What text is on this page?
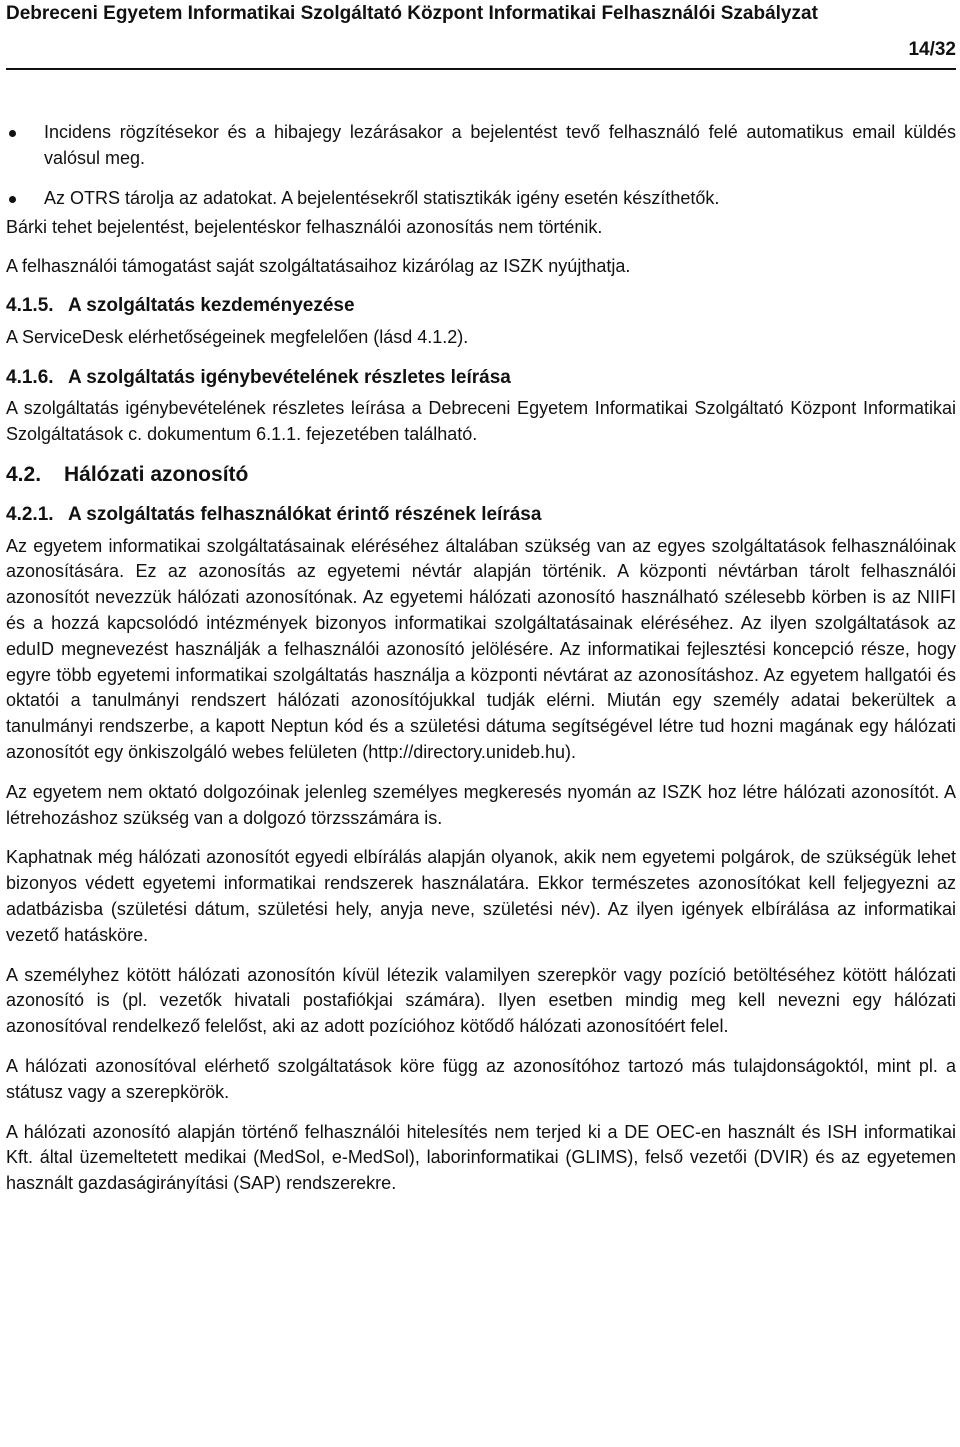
Debreceni Egyetem Informatikai Szolgáltató Központ Informatikai Felhasználói Szabályzat
14/32
Incidens rögzítésekor és a hibajegy lezárásakor a bejelentést tevő felhasználó felé automatikus email küldés valósul meg.
Az OTRS tárolja az adatokat. A bejelentésekről statisztikák igény esetén készíthetők.

Bárki tehet bejelentést, bejelentéskor felhasználói azonosítás nem történik.

A felhasználói támogatást saját szolgáltatásaihoz kizárólag az ISZK nyújthatja.

4.1.5. A szolgáltatás kezdeményezése

A ServiceDesk elérhetőségeinek megfelelően (lásd 4.1.2).

4.1.6. A szolgáltatás igénybevételének részletes leírása

A szolgáltatás igénybevételének részletes leírása a Debreceni Egyetem Informatikai Szolgáltató Központ Informatikai Szolgáltatások c. dokumentum 6.1.1. fejezetében található.

4.2. Hálózati azonosító
4.2.1. A szolgáltatás felhasználókat érintő részének leírása

Az egyetem informatikai szolgáltatásainak eléréséhez általában szükség van az egyes szolgáltatások felhasználóinak azonosítására. Ez az azonosítás az egyetemi névtár alapján történik. A központi névtárban tárolt felhasználói azonosítót nevezzük hálózati azonosítónak. Az egyetemi hálózati azonosító használható szélesebb körben is az NIIFI és a hozzá kapcsolódó intézmények bizonyos informatikai szolgáltatásainak eléréséhez. Az ilyen szolgáltatások az eduID megnevezést használják a felhasználói azonosító jelölésére. Az informatikai fejlesztési koncepció része, hogy egyre több egyetemi informatikai szolgáltatás használja a központi névtárat az azonosításhoz. Az egyetem hallgatói és oktatói a tanulmányi rendszert hálózati azonosítójukkal tudják elérni. Miután egy személy adatai bekerültek a tanulmányi rendszerbe, a kapott Neptun kód és a születési dátuma segítségével létre tud hozni magának egy hálózati azonosítót egy önkiszolgáló webes felületen (http://directory.unideb.hu).

Az egyetem nem oktató dolgozóinak jelenleg személyes megkeresés nyomán az ISZK hoz létre hálózati azonosítót. A létrehozáshoz szükség van a dolgozó törzsszámára is.

Kaphatnak még hálózati azonosítót egyedi elbírálás alapján olyanok, akik nem egyetemi polgárok, de szükségük lehet bizonyos védett egyetemi informatikai rendszerek használatára. Ekkor természetes azonosítókat kell feljegyezni az adatbázisba (születési dátum, születési hely, anyja neve, születési név). Az ilyen igények elbírálása az informatikai vezető hatásköre.

A személyhez kötött hálózati azonosítón kívül létezik valamilyen szerepkör vagy pozíció betöltéséhez kötött hálózati azonosító is (pl. vezetők hivatali postafiókjai számára). Ilyen esetben mindig meg kell nevezni egy hálózati azonosítóval rendelkező felelőst, aki az adott pozícióhoz kötődő hálózati azonosítóért felel.

A hálózati azonosítóval elérhető szolgáltatások köre függ az azonosítóhoz tartozó más tulajdonságoktól, mint pl. a státusz vagy a szerepkörök.

A hálózati azonosító alapján történő felhasználói hitelesítés nem terjed ki a DE OEC-en használt és ISH informatikai Kft. által üzemeltetett medikai (MedSol, e-MedSol), laborinformatikai (GLIMS), felső vezetői (DVIR) és az egyetemen használt gazdaságirányítási (SAP) rendszerekre.
